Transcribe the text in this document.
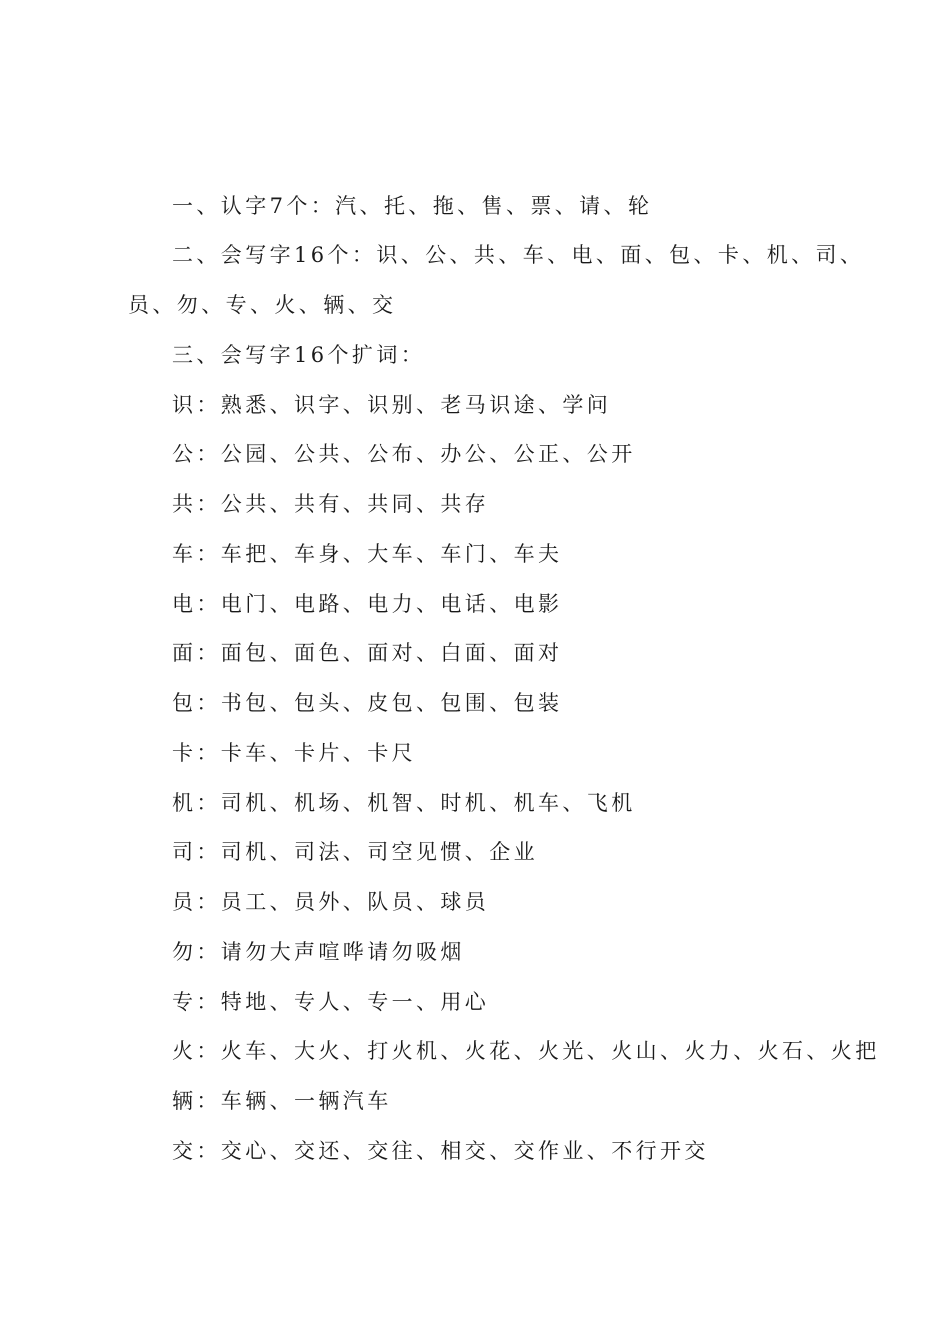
一、认字7个：汽、托、拖、售、票、请、轮
二、会写字16个：识、公、共、车、电、面、包、卡、机、司、
员、勿、专、火、辆、交
三、会写字16个扩词：
识：熟悉、识字、识别、老马识途、学问
公：公园、公共、公布、办公、公正、公开
共：公共、共有、共同、共存
车：车把、车身、大车、车门、车夫
电：电门、电路、电力、电话、电影
面：面包、面色、面对、白面、面对
包：书包、包头、皮包、包围、包装
卡：卡车、卡片、卡尺
机：司机、机场、机智、时机、机车、飞机
司：司机、司法、司空见惯、企业
员：员工、员外、队员、球员
勿：请勿大声喧哗请勿吸烟
专：特地、专人、专一、用心
火：火车、大火、打火机、火花、火光、火山、火力、火石、火把
辆：车辆、一辆汽车
交：交心、交还、交往、相交、交作业、不行开交
